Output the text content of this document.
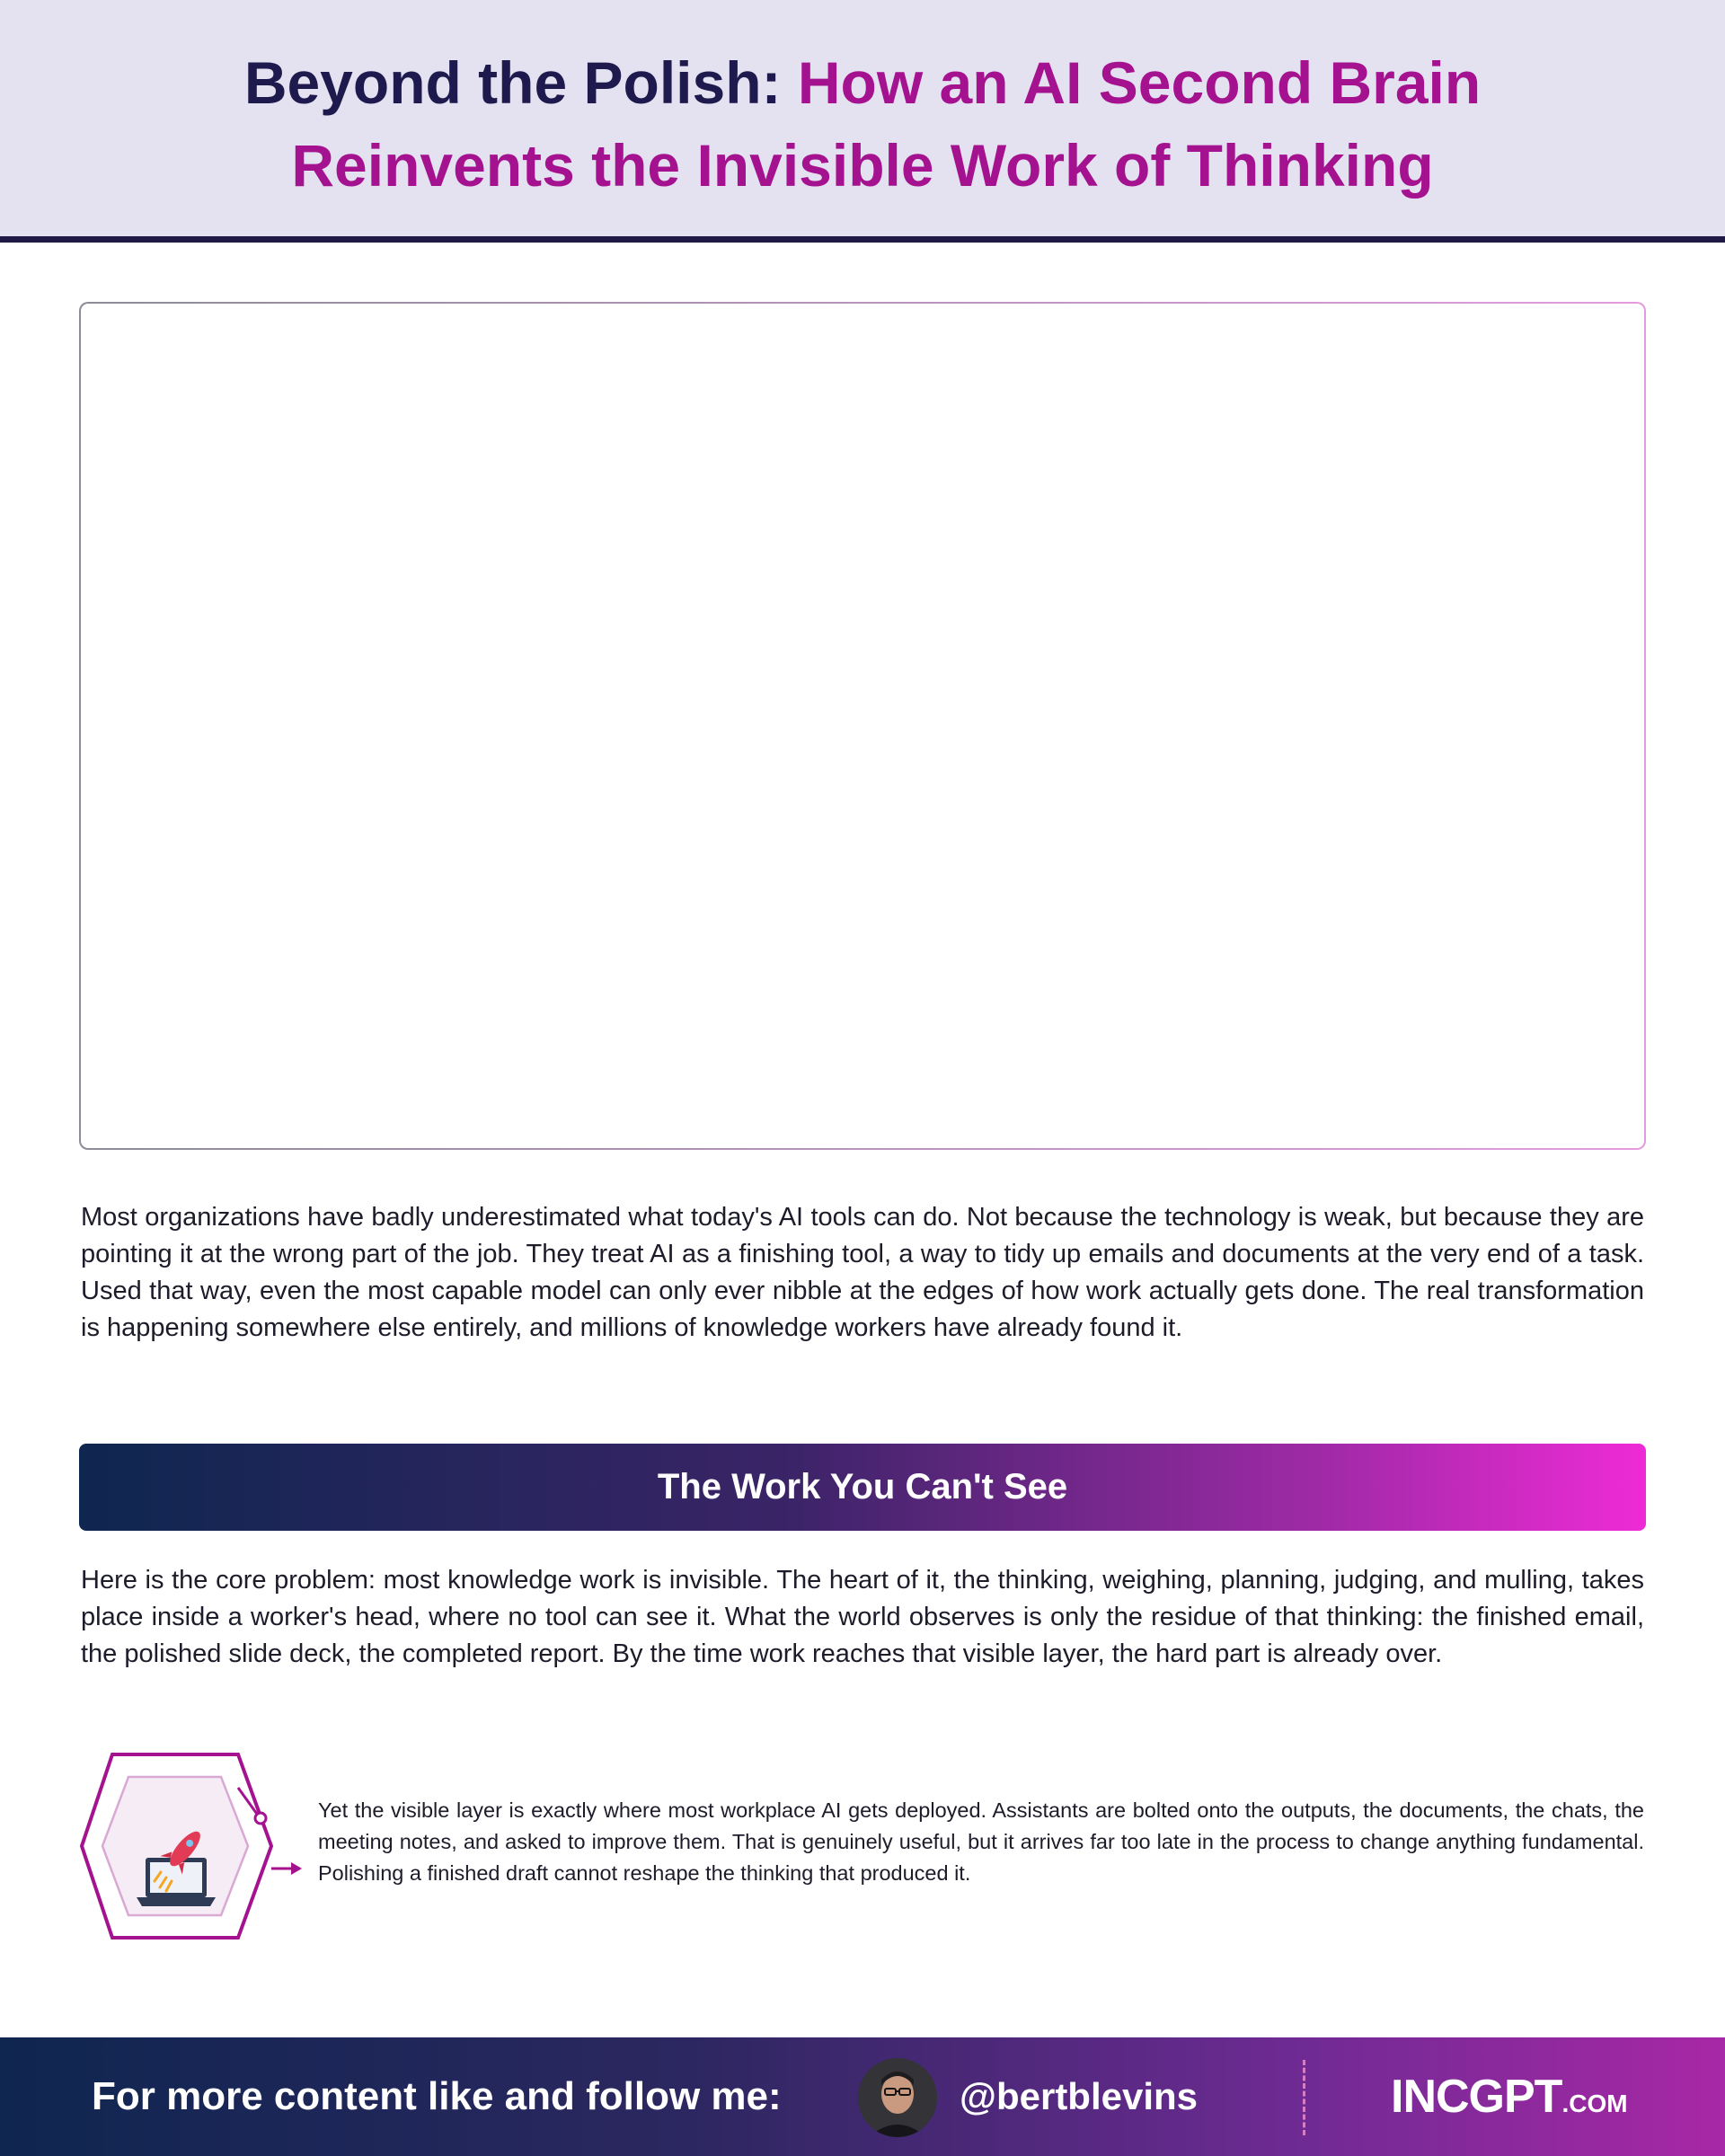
Beyond the Polish: How an AI Second Brain
Reinvents the Invisible Work of Thinking

Most organizations have badly underestimated what today's AI tools can do. Not because the technology is weak, but because they are pointing it at the wrong part of the job. They treat AI as a finishing tool, a way to tidy up emails and documents at the very end of a task. Used that way, even the most capable model can only ever nibble at the edges of how work actually gets done. The real transformation is happening somewhere else entirely, and millions of knowledge workers have already found it.

The Work You Can't See

Here is the core problem: most knowledge work is invisible. The heart of it, the thinking, weighing, planning, judging, and mulling, takes place inside a worker's head, where no tool can see it. What the world observes is only the residue of that thinking: the finished email, the polished slide deck, the completed report. By the time work reaches that visible layer, the hard part is already over.

Yet the visible layer is exactly where most workplace AI gets deployed. Assistants are bolted onto the outputs, the documents, the chats, the meeting notes, and asked to improve them. That is genuinely useful, but it arrives far too late in the process to change anything fundamental. Polishing a finished draft cannot reshape the thinking that produced it.

For more content like and follow me:	@bertblevins	INCGPT.COM
